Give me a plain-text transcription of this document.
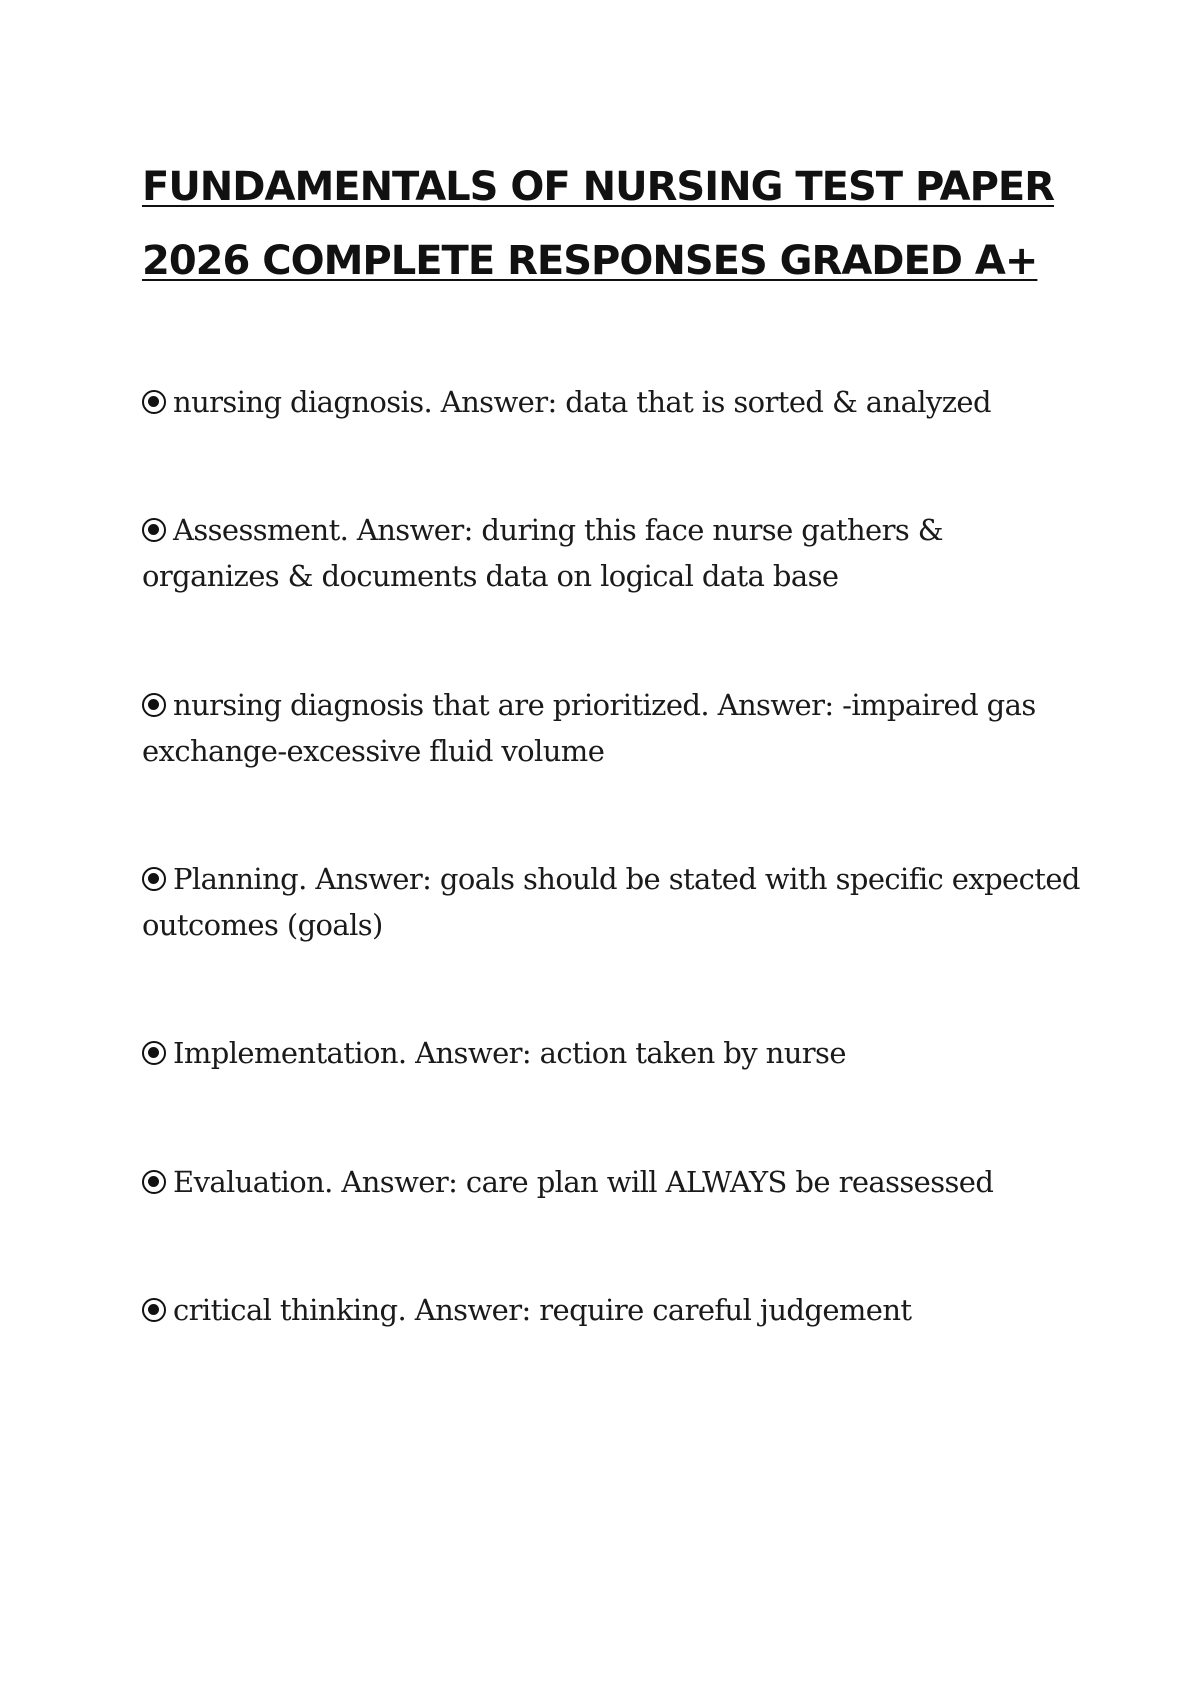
FUNDAMENTALS OF NURSING TEST PAPER
2026 COMPLETE RESPONSES GRADED A+
nursing diagnosis. Answer: data that is sorted & analyzed
Assessment. Answer: during this face nurse gathers & organizes & documents data on logical data base
nursing diagnosis that are prioritized. Answer: -impaired gas exchange-excessive fluid volume
Planning. Answer: goals should be stated with specific expected outcomes (goals)
Implementation. Answer: action taken by nurse
Evaluation. Answer: care plan will ALWAYS be reassessed
critical thinking. Answer: require careful judgement
